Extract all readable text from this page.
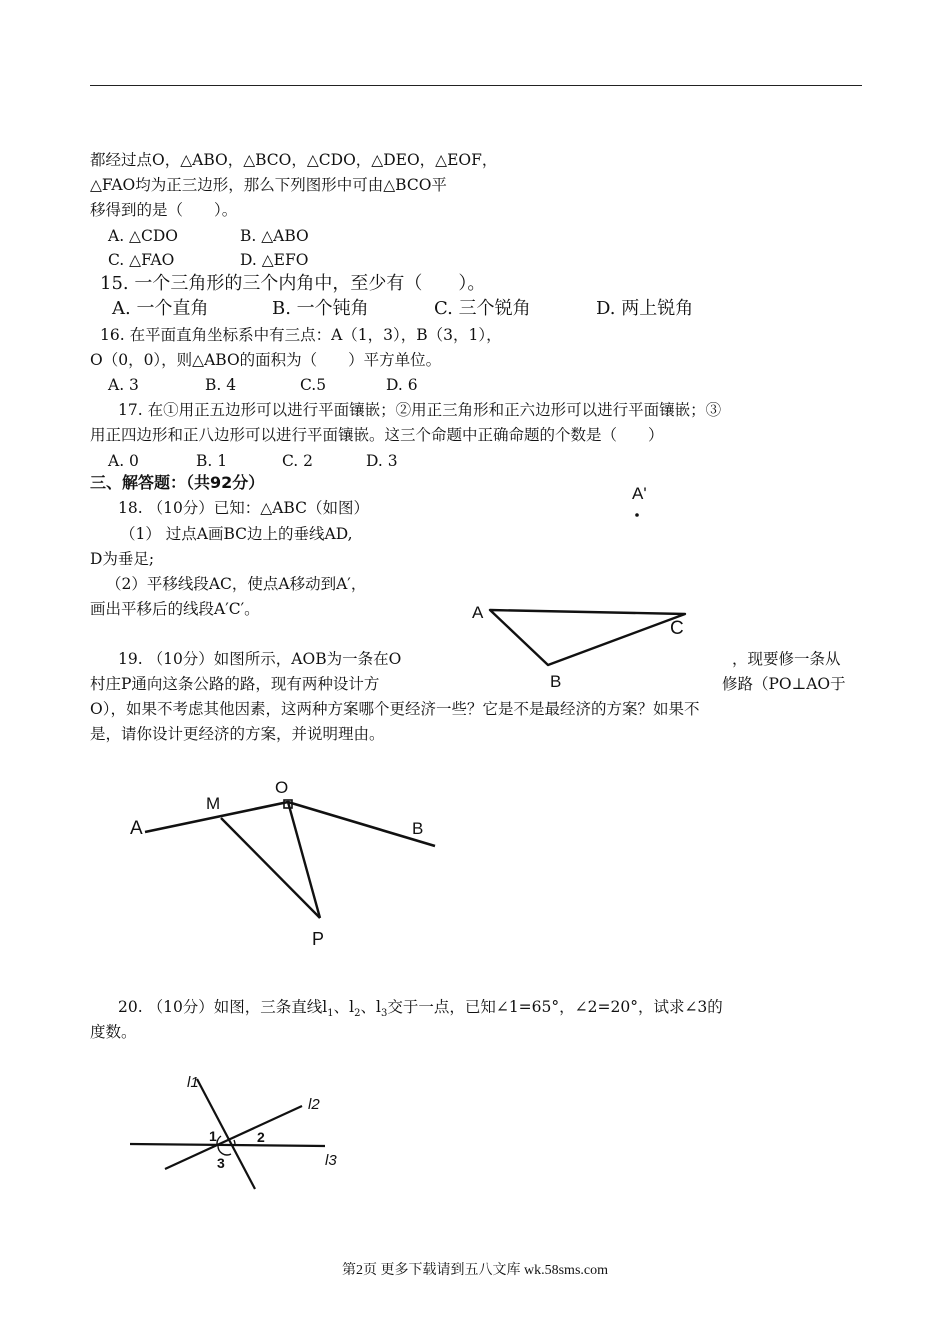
都经过点O，△ABO，△BCO，△CDO，△DEO，△EOF，
△FAO均为正三边形，那么下列图形中可由△BCO平
移得到的是（　　）。
A. △CDO	B. △ABO
C. △FAO	D. △EFO
15. 一个三角形的三个内角中，至少有（　　）。
A. 一个直角	B. 一个钝角	C. 三个锐角	D. 两上锐角
16. 在平面直角坐标系中有三点：A（1，3），B（3，1），
O（0，0），则△ABO的面积为（　　）平方单位。
A. 3	B. 4	C.5	D. 6
17. 在①用正五边形可以进行平面镶嵌；②用正三角形和正六边形可以进行平面镶嵌；③
用正四边形和正八边形可以进行平面镶嵌。这三个命题中正确命题的个数是（　　）
A. 0	B. 1	C. 2	D. 3
三、解答题：（共92分）
18. （10分）已知：△ABC（如图）
（1） 过点A画BC边上的垂线AD,
D为垂足;
（2）平移线段AC，使点A移动到A′，
画出平移后的线段A′C′。
A'
A
C
B
19. （10分）如图所示，AOB为一条在O	，现要修一条从
村庄P通向这条公路的路，现有两种设计方	修路（PO⊥AO于
O），如果不考虑其他因素，这两种方案哪个更经济一些？它是不是最经济的方案？如果不
是，请你设计更经济的方案，并说明理由。
A
M
O
B
P
20. （10分）如图，三条直线$l_1$、$l_2$、$l_3$交于一点，已知∠1=65°，∠2=20°，试求∠3的
度数。
l1
l2
l3
1	2
3
第2页 更多下载请到五八文库 wk.58sms.com
